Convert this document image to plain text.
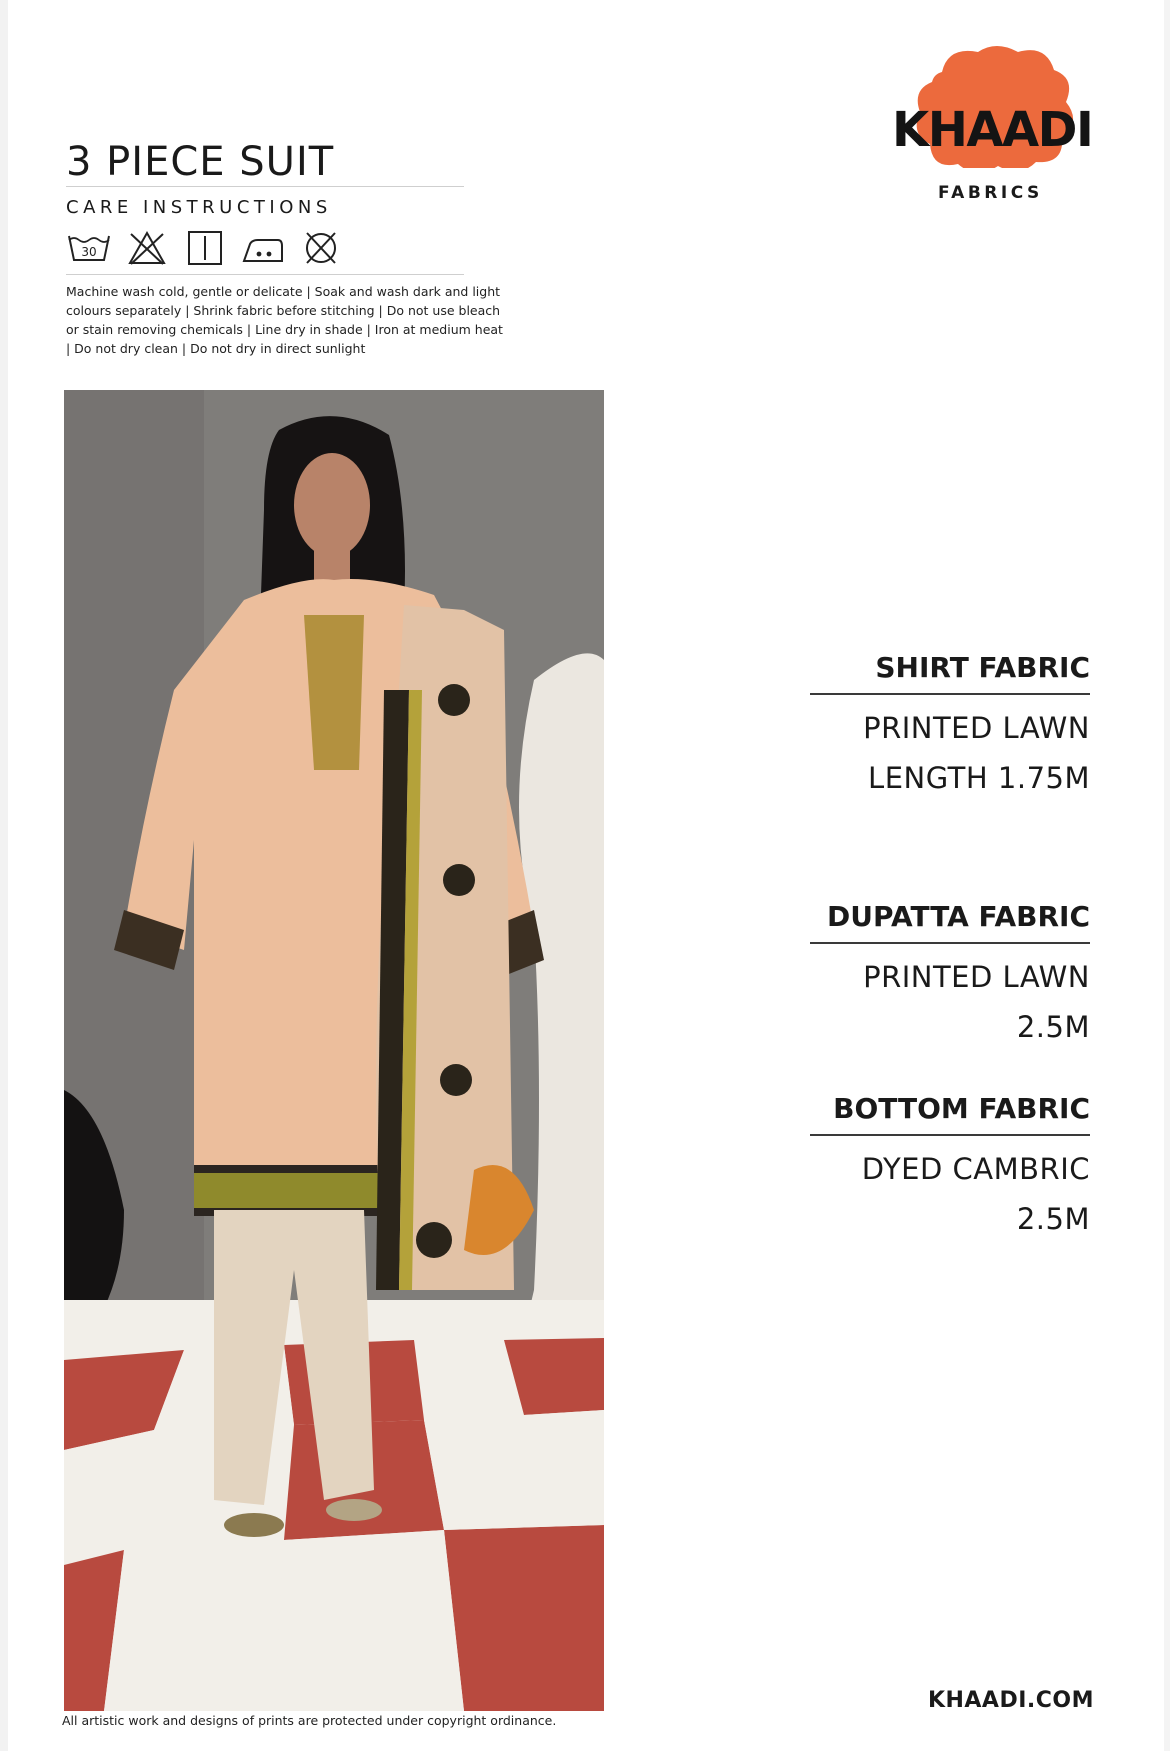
3 PIECE SUIT
CARE INSTRUCTIONS
30

Machine wash cold, gentle or delicate | Soak and wash dark and light colours separately | Shrink fabric before stitching | Do not use bleach or stain removing chemicals | Line dry in shade | Iron at medium heat | Do not dry clean | Do not dry in direct sunlight

All artistic work and designs of prints are protected under copyright ordinance.
KHAADI
FABRICS
SHIRT FABRIC
PRINTED LAWN
LENGTH 1.75M
DUPATTA FABRIC
PRINTED LAWN
2.5M
BOTTOM FABRIC
DYED CAMBRIC
2.5M
KHAADI.COM
